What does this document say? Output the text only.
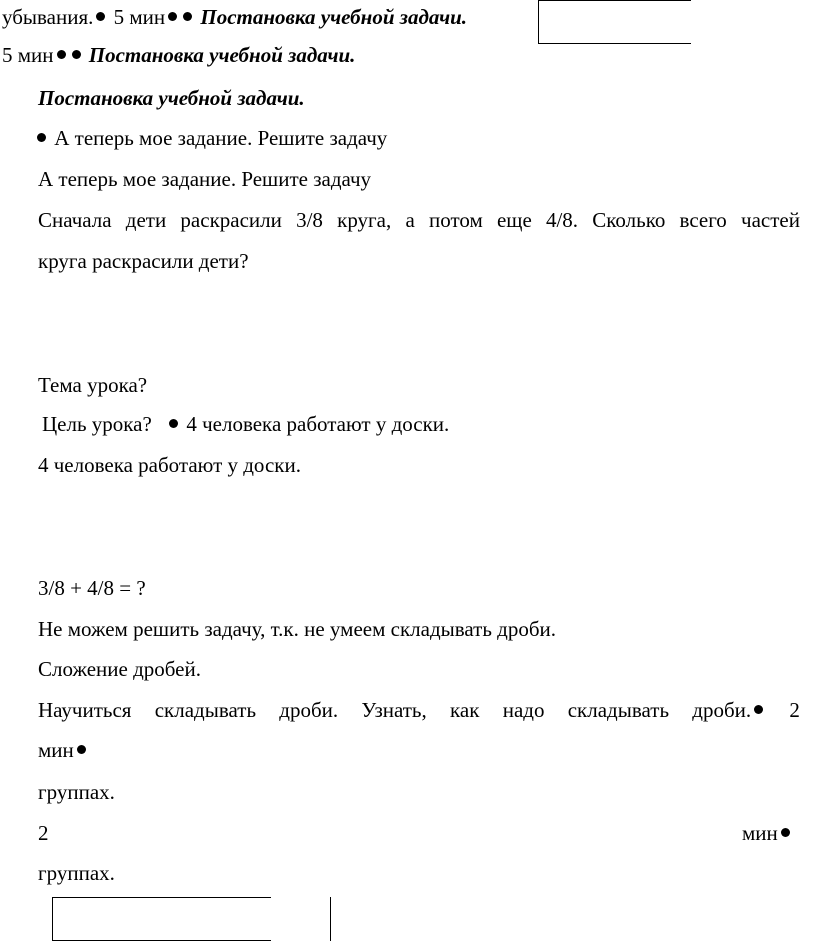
убывания. 5 мин Постановка учебной задачи.
5 мин Постановка учебной задачи.
Постановка учебной задачи.
А теперь мое задание. Решите задачу
А теперь мое задание. Решите задачу
Сначала дети раскрасили 3/8 круга, а потом еще 4/8. Сколько всего частей
круга раскрасили дети?
Тема урока?
Цель урока? 4 человека работают у доски.
4 человека работают у доски.
3/8 + 4/8 = ?
Не можем решить задачу, т.к. не умеем складывать дроби.
Сложение дробей.
Научиться складывать дроби. Узнать, как надо складывать дроби.	2
мин
группах.
2	мин
группах.
